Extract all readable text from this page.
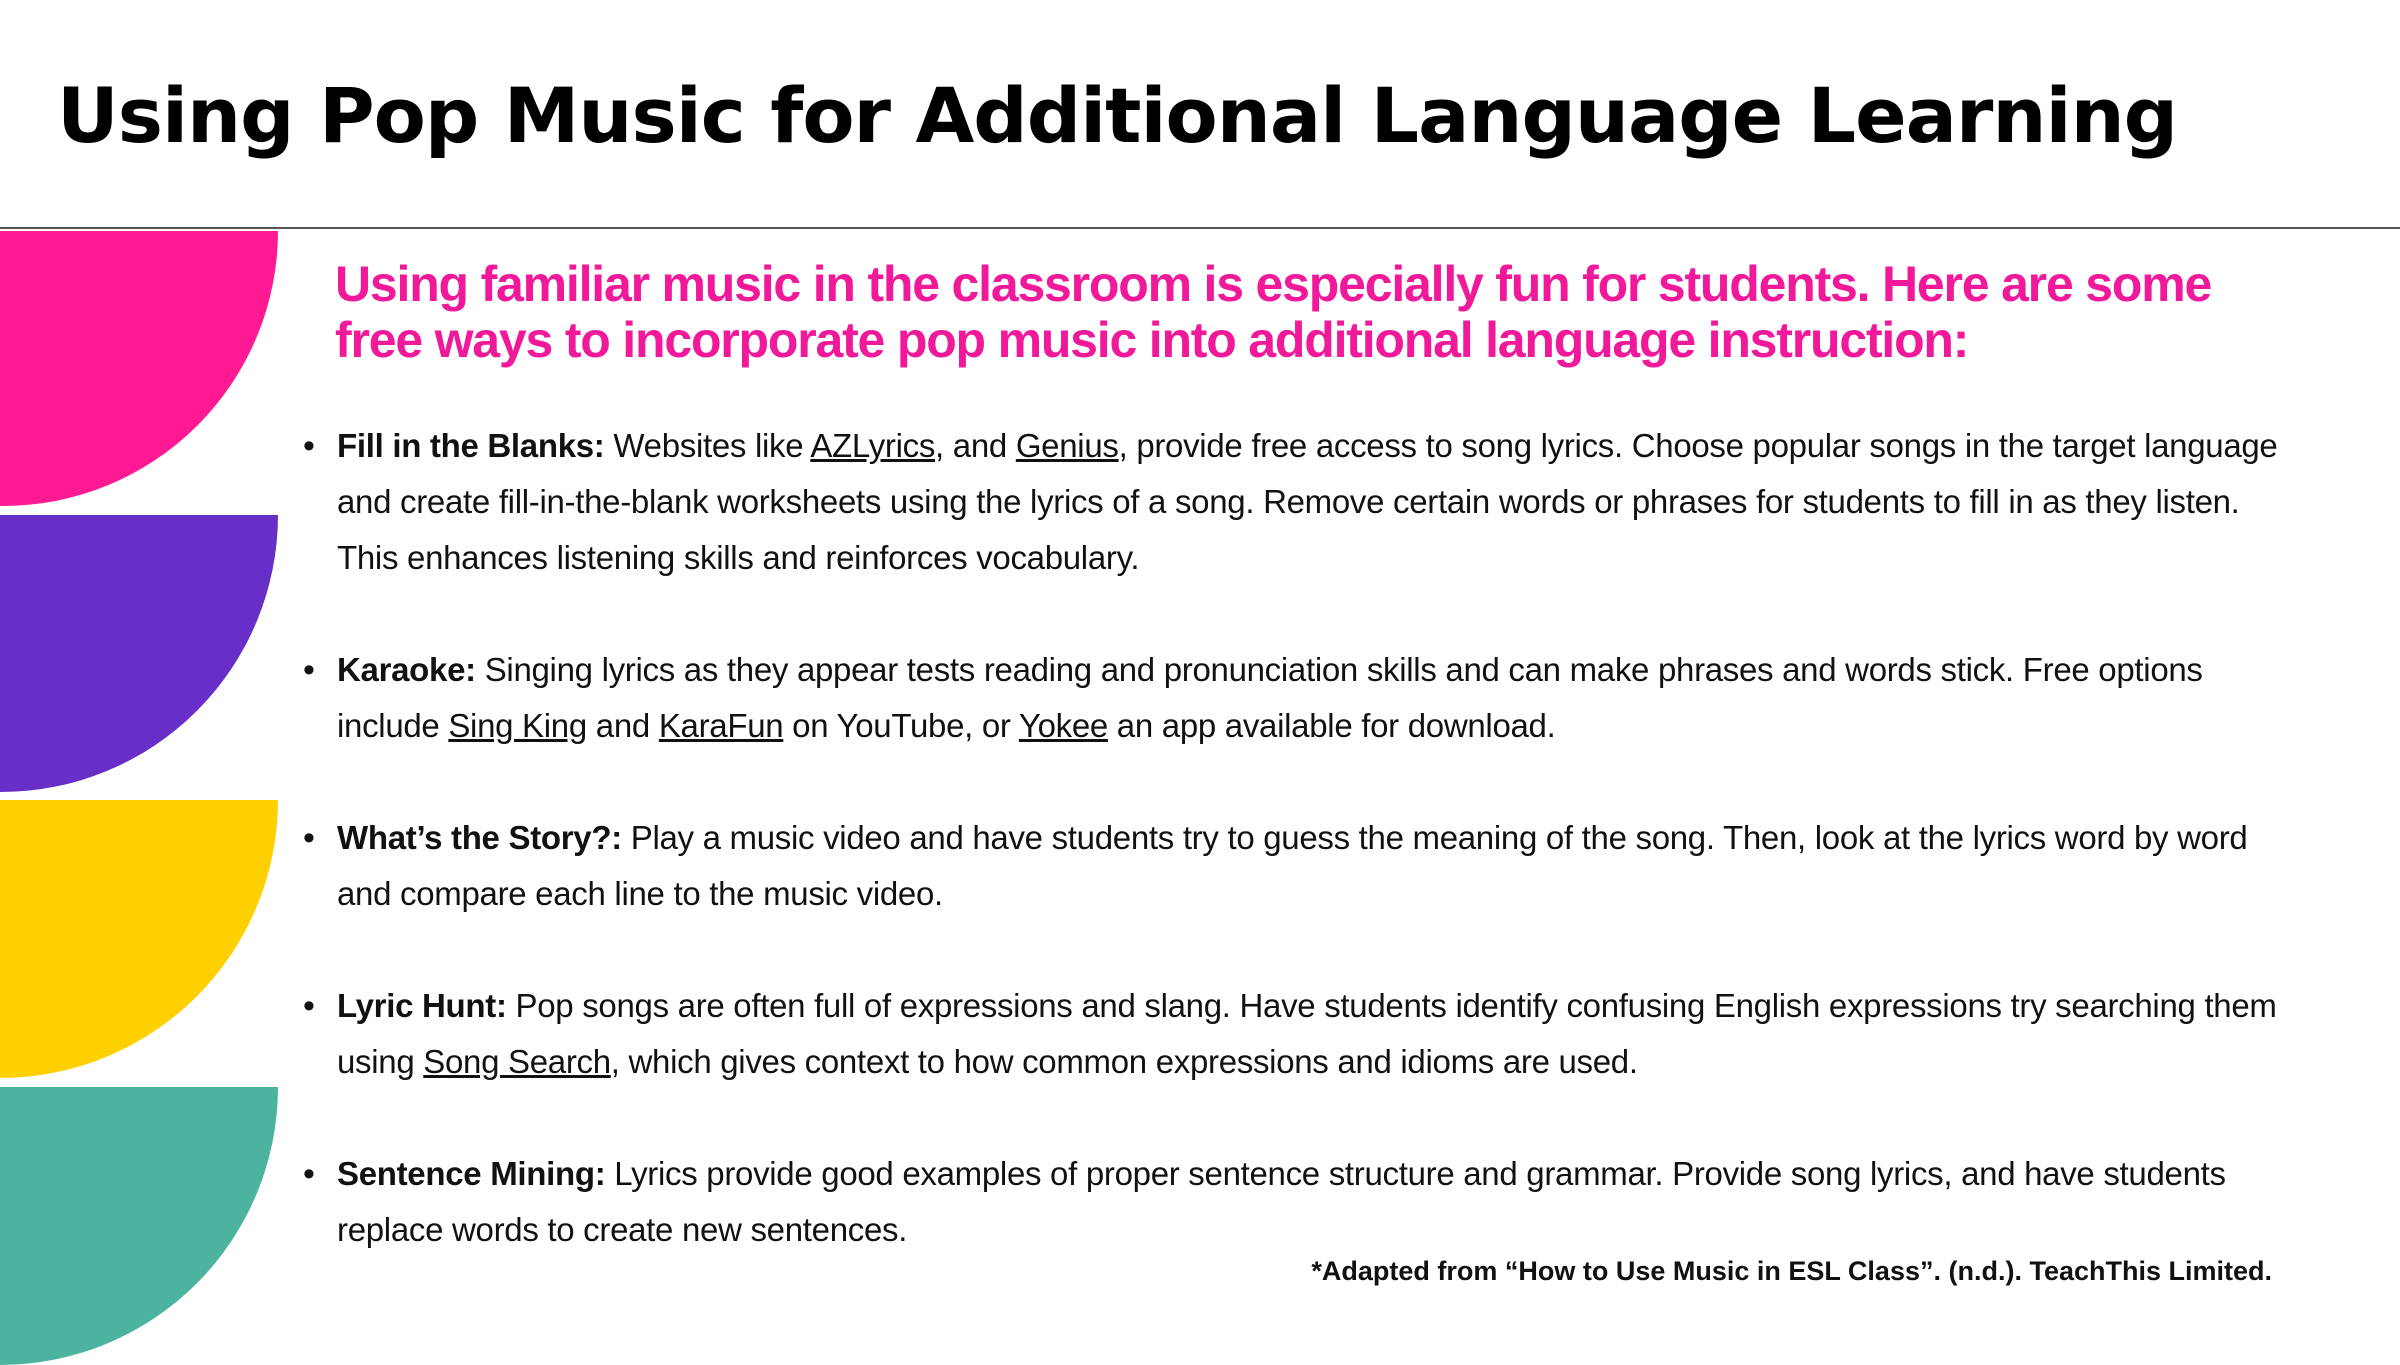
Using Pop Music for Additional Language Learning

Using familiar music in the classroom is especially fun for students. Here are some free ways to incorporate pop music into additional language instruction:

• Fill in the Blanks: Websites like AZLyrics, and Genius, provide free access to song lyrics. Choose popular songs in the target language and create fill-in-the-blank worksheets using the lyrics of a song. Remove certain words or phrases for students to fill in as they listen. This enhances listening skills and reinforces vocabulary.
• Karaoke: Singing lyrics as they appear tests reading and pronunciation skills and can make phrases and words stick. Free options include Sing King and KaraFun on YouTube, or Yokee an app available for download.
• What’s the Story?: Play a music video and have students try to guess the meaning of the song. Then, look at the lyrics word by word and compare each line to the music video.
• Lyric Hunt: Pop songs are often full of expressions and slang. Have students identify confusing English expressions try searching them using Song Search, which gives context to how common expressions and idioms are used.
• Sentence Mining: Lyrics provide good examples of proper sentence structure and grammar. Provide song lyrics, and have students replace words to create new sentences.

*Adapted from “How to Use Music in ESL Class”. (n.d.). TeachThis Limited.
